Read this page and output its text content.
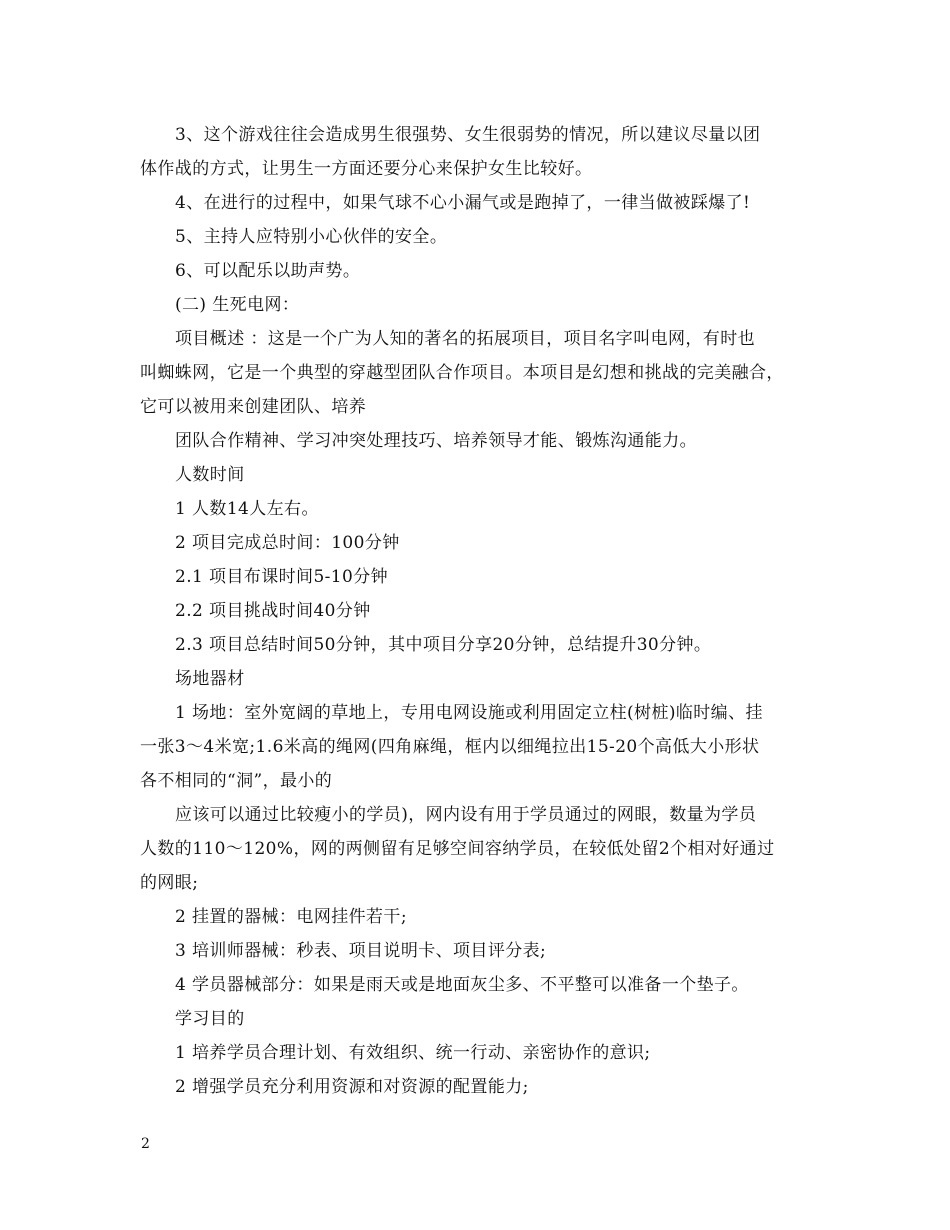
3、这个游戏往往会造成男生很强势、女生很弱势的情况，所以建议尽量以团

体作战的方式，让男生一方面还要分心来保护女生比较好。

4、在进行的过程中，如果气球不心小漏气或是跑掉了，一律当做被踩爆了!

5、主持人应特别小心伙伴的安全。

6、可以配乐以助声势。

(二) 生死电网：

项目概述 ：这是一个广为人知的著名的拓展项目，项目名字叫电网，有时也

叫蜘蛛网，它是一个典型的穿越型团队合作项目。本项目是幻想和挑战的完美融合，

它可以被用来创建团队、培养

团队合作精神、学习冲突处理技巧、培养领导才能、锻炼沟通能力。

人数时间

1 人数14人左右。

2 项目完成总时间：100分钟

2.1 项目布课时间5-10分钟

2.2 项目挑战时间40分钟

2.3 项目总结时间50分钟，其中项目分享20分钟，总结提升30分钟。

场地器材

1 场地：室外宽阔的草地上，专用电网设施或利用固定立柱(树桩)临时编、挂

一张3～4米宽;1.6米高的绳网(四角麻绳，框内以细绳拉出15-20个高低大小形状

各不相同的“洞”，最小的

应该可以通过比较瘦小的学员)，网内设有用于学员通过的网眼，数量为学员

人数的110～120%，网的两侧留有足够空间容纳学员，在较低处留2个相对好通过

的网眼;

2 挂置的器械：电网挂件若干;

3 培训师器械：秒表、项目说明卡、项目评分表;

4 学员器械部分：如果是雨天或是地面灰尘多、不平整可以准备一个垫子。

学习目的

1 培养学员合理计划、有效组织、统一行动、亲密协作的意识;

2 增强学员充分利用资源和对资源的配置能力;

2
